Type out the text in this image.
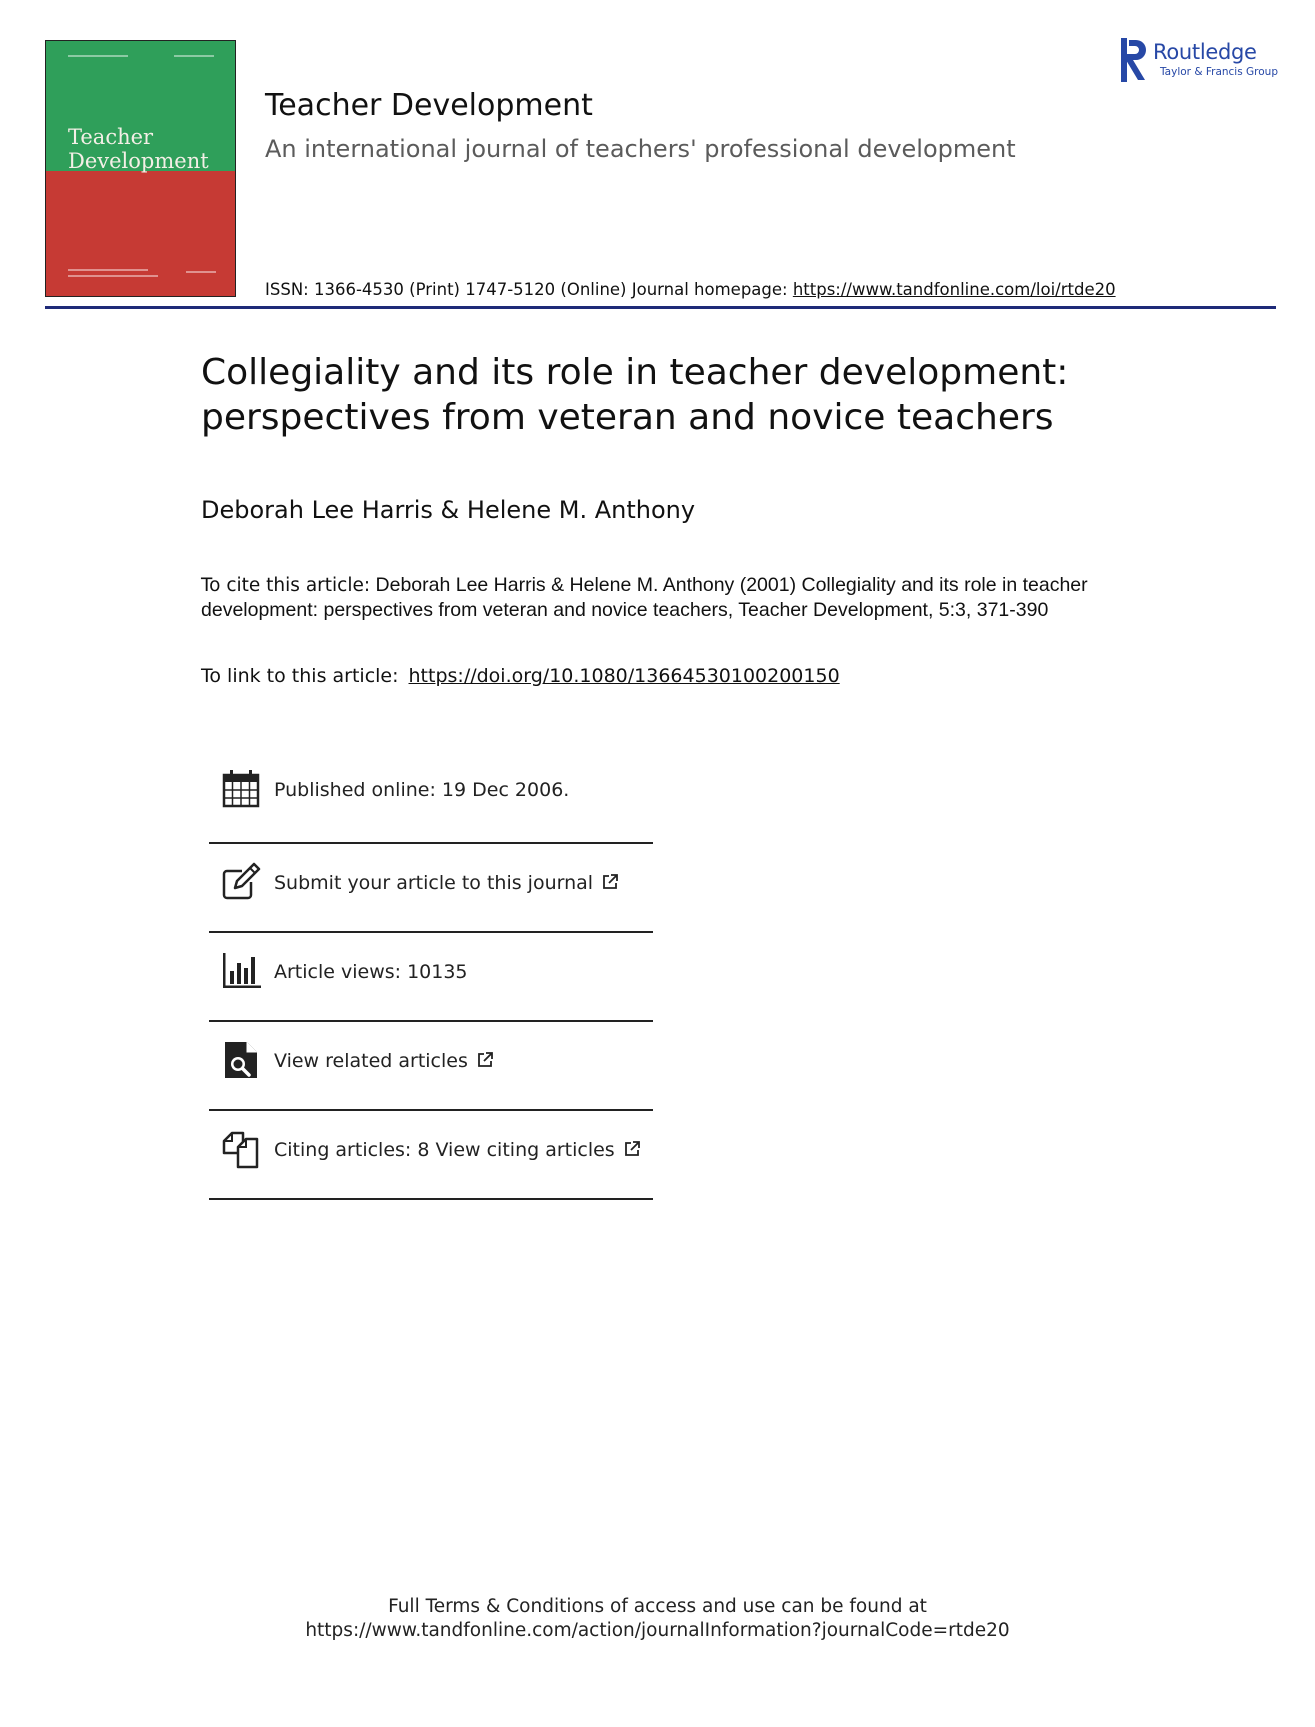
Teacher
Development
Routledge
Taylor & Francis Group
Teacher Development
An international journal of teachers' professional development
ISSN: 1366-4530 (Print) 1747-5120 (Online) Journal homepage: https://www.tandfonline.com/loi/rtde20
Collegiality and its role in teacher development:
perspectives from veteran and novice teachers
Deborah Lee Harris & Helene M. Anthony
To cite this article: Deborah Lee Harris & Helene M. Anthony (2001) Collegiality and its role in teacher development: perspectives from veteran and novice teachers, Teacher Development, 5:3, 371-390
To link to this article: https://doi.org/10.1080/13664530100200150
Published online: 19 Dec 2006.
Submit your article to this journal
Article views: 10135
View related articles
Citing articles: 8 View citing articles
Full Terms & Conditions of access and use can be found at
https://www.tandfonline.com/action/journalInformation?journalCode=rtde20
